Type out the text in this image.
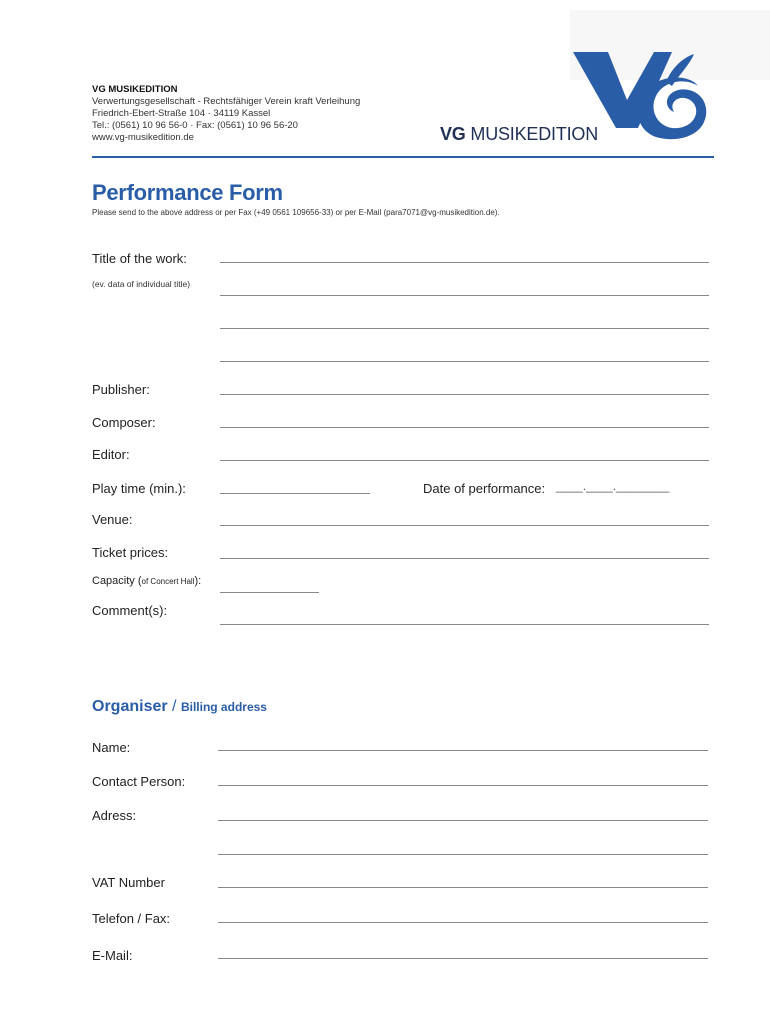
VG MUSIKEDITION
Verwertungsgesellschaft - Rechtsfähiger Verein kraft Verleihung
Friedrich-Ebert-Straße 104 · 34119 Kassel
Tel.: (0561) 10 96 56-0 · Fax: (0561) 10 96 56-20
www.vg-musikedition.de	VG MUSIKEDITION
Performance Form
Please send to the above address or per Fax (+49 0561 109656-33) or per E-Mail (para7071@vg-musikedition.de).
Title of the work:
(ev. data of individual title)
Publisher:
Composer:
Editor:
Play time (min.):	Date of performance: ____.____.________
Venue:
Ticket prices:
Capacity (of Concert Hall):
Comment(s):
Organiser / Billing address
Name:
Contact Person:
Adress:
VAT Number
Telefon / Fax:
E-Mail:
